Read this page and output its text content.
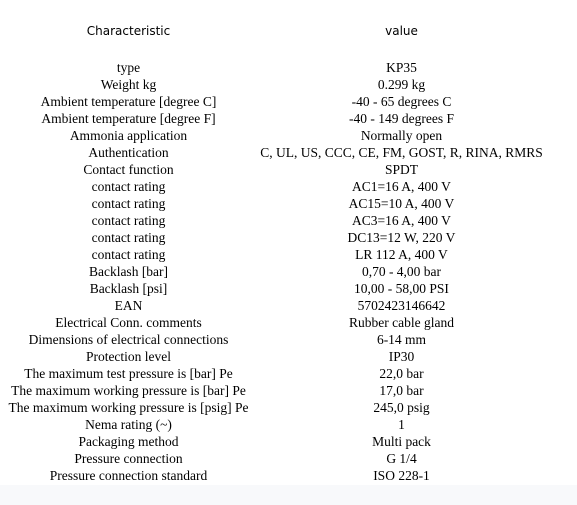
Characteristic	value
type	KP35
Weight kg	0.299 kg
Ambient temperature [degree C]	-40 - 65 degrees C
Ambient temperature [degree F]	-40 - 149 degrees F
Ammonia application	Normally open
Authentication	C, UL, US, CCC, CE, FM, GOST, R, RINA, RMRS
Contact function	SPDT
contact rating	AC1=16 A, 400 V
contact rating	AC15=10 A, 400 V
contact rating	AC3=16 A, 400 V
contact rating	DC13=12 W, 220 V
contact rating	LR 112 A, 400 V
Backlash [bar]	0,70 - 4,00 bar
Backlash [psi]	10,00 - 58,00 PSI
EAN	5702423146642
Electrical Conn. comments	Rubber cable gland
Dimensions of electrical connections	6-14 mm
Protection level	IP30
The maximum test pressure is [bar] Pe	22,0 bar
The maximum working pressure is [bar] Pe	17,0 bar
The maximum working pressure is [psig] Pe	245,0 psig
Nema rating (~)	1
Packaging method	Multi pack
Pressure connection	G 1/4
Pressure connection standard	ISO 228-1
